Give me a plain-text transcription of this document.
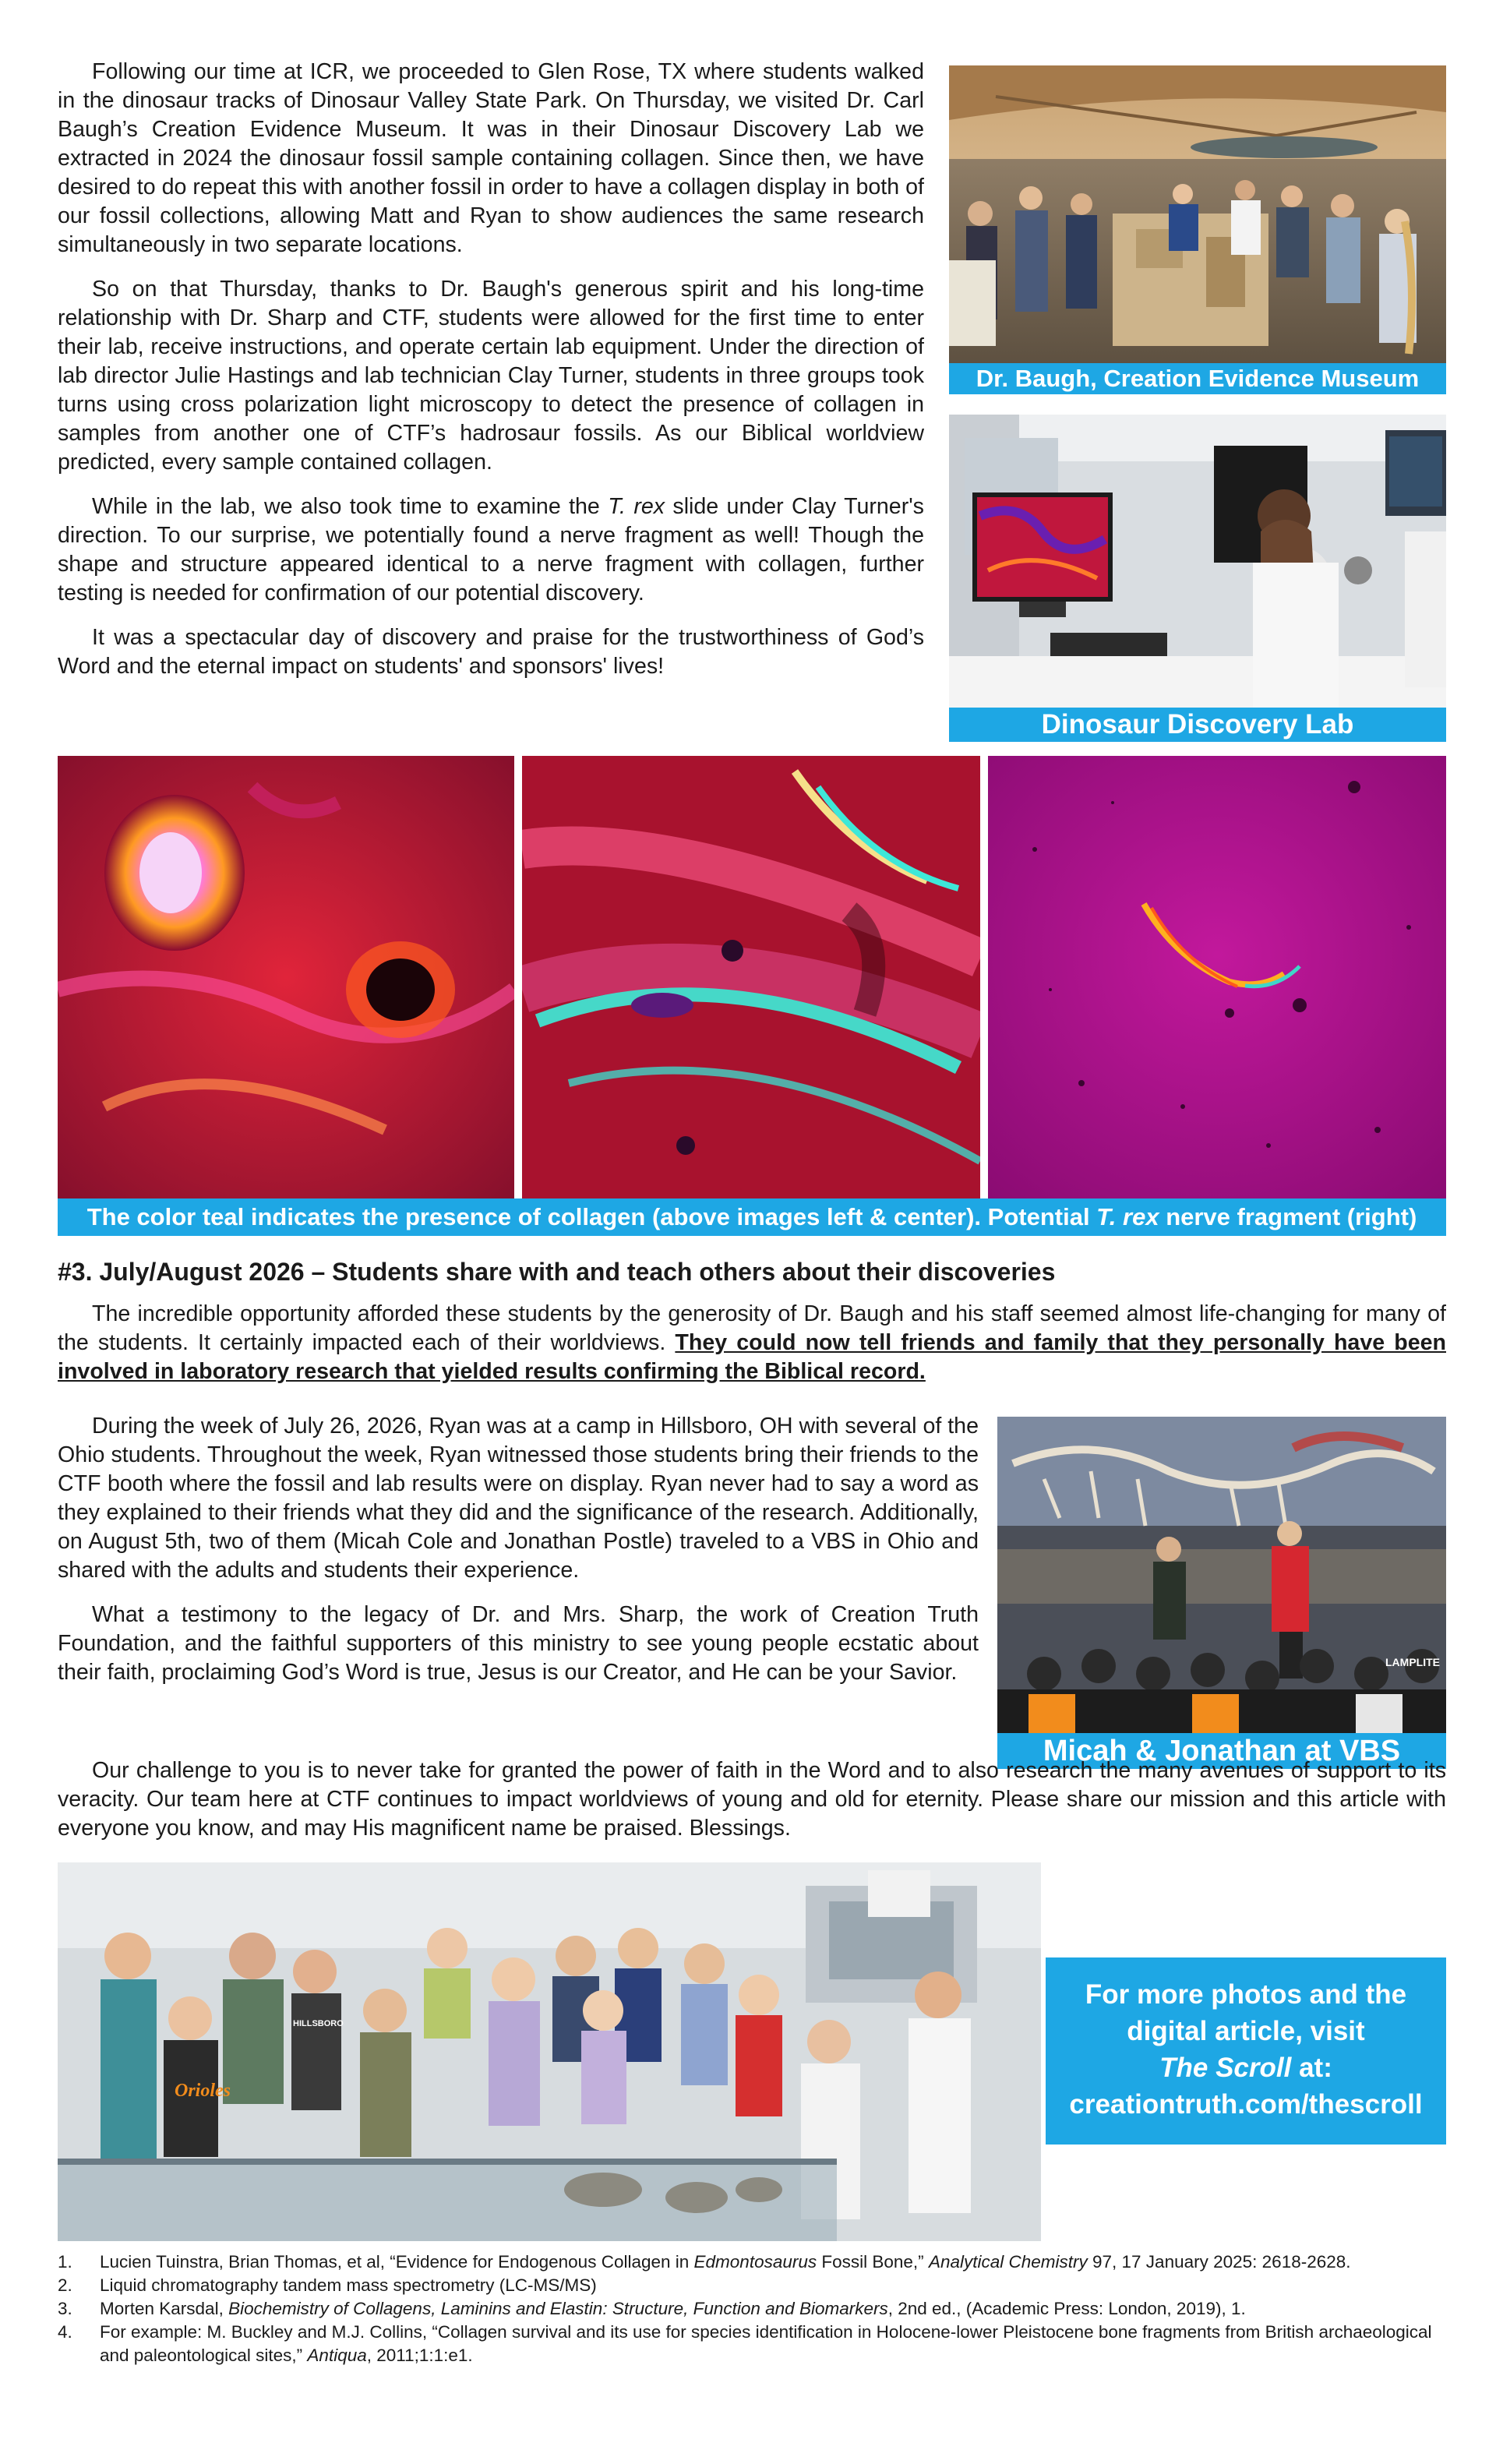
Following our time at ICR, we proceeded to Glen Rose, TX where students walked in the dinosaur tracks of Dinosaur Valley State Park. On Thursday, we visited Dr. Carl Baugh’s Creation Evidence Museum. It was in their Dinosaur Discovery Lab we extracted in 2024 the dinosaur fossil sample containing collagen. Since then, we have desired to do repeat this with another fossil in order to have a collagen display in both of our fossil collections, allowing Matt and Ryan to show audiences the same research simultaneously in two separate locations.

So on that Thursday, thanks to Dr. Baugh's generous spirit and his long-time relationship with Dr. Sharp and CTF, students were allowed for the first time to enter their lab, receive instructions, and operate certain lab equipment. Under the direction of lab director Julie Hastings and lab technician Clay Turner, students in three groups took turns using cross polarization light microscopy to detect the presence of collagen in samples from another one of CTF’s hadrosaur fossils. As our Biblical worldview predicted, every sample contained collagen.

While in the lab, we also took time to examine the T. rex slide under Clay Turner's direction. To our surprise, we potentially found a nerve fragment as well! Though the shape and structure appeared identical to a nerve fragment with collagen, further testing is needed for confirmation of our potential discovery.

It was a spectacular day of discovery and praise for the trustworthiness of God’s Word and the eternal impact on students' and sponsors' lives!

Dr. Baugh, Creation Evidence Museum
Dinosaur Discovery Lab
The color teal indicates the presence of collagen (above images left & center). Potential T. rex nerve fragment (right)
#3. July/August 2026 – Students share with and teach others about their discoveries

The incredible opportunity afforded these students by the generosity of Dr. Baugh and his staff seemed almost life-changing for many of the students. It certainly impacted each of their worldviews. They could now tell friends and family that they personally have been involved in laboratory research that yielded results confirming the Biblical record.

During the week of July 26, 2026, Ryan was at a camp in Hillsboro, OH with several of the Ohio students. Throughout the week, Ryan witnessed those students bring their friends to the CTF booth where the fossil and lab results were on display. Ryan never had to say a word as they explained to their friends what they did and the significance of the research. Additionally, on August 5th, two of them (Micah Cole and Jonathan Postle) traveled to a VBS in Ohio and shared with the adults and students their experience.

What a testimony to the legacy of Dr. and Mrs. Sharp, the work of Creation Truth Foundation, and the faithful supporters of this ministry to see young people ecstatic about their faith, proclaiming God’s Word is true, Jesus is our Creator, and He can be your Savior.	LAMPLITE
Micah & Jonathan at VBS

Our challenge to you is to never take for granted the power of faith in the Word and to also research the many avenues of support to its veracity. Our team here at CTF continues to impact worldviews of young and old for eternity. Please share our mission and this article with everyone you know, and may His magnificent name be praised. Blessings.

Orioles
HILLSBORO
For more photos and the
digital article, visit
The Scroll at:
creationtruth.com/thescroll
1. Lucien Tuinstra, Brian Thomas, et al, “Evidence for Endogenous Collagen in Edmontosaurus Fossil Bone,” Analytical Chemistry 97, 17 January 2025: 2618-2628.
2. Liquid chromatography tandem mass spectrometry (LC-MS/MS)
3. Morten Karsdal, Biochemistry of Collagens, Laminins and Elastin: Structure, Function and Biomarkers, 2nd ed., (Academic Press: London, 2019), 1.
4. For example: M. Buckley and M.J. Collins, “Collagen survival and its use for species identification in Holocene-lower Pleistocene bone fragments from British archaeological and paleontological sites,” Antiqua, 2011;1:1:e1.
